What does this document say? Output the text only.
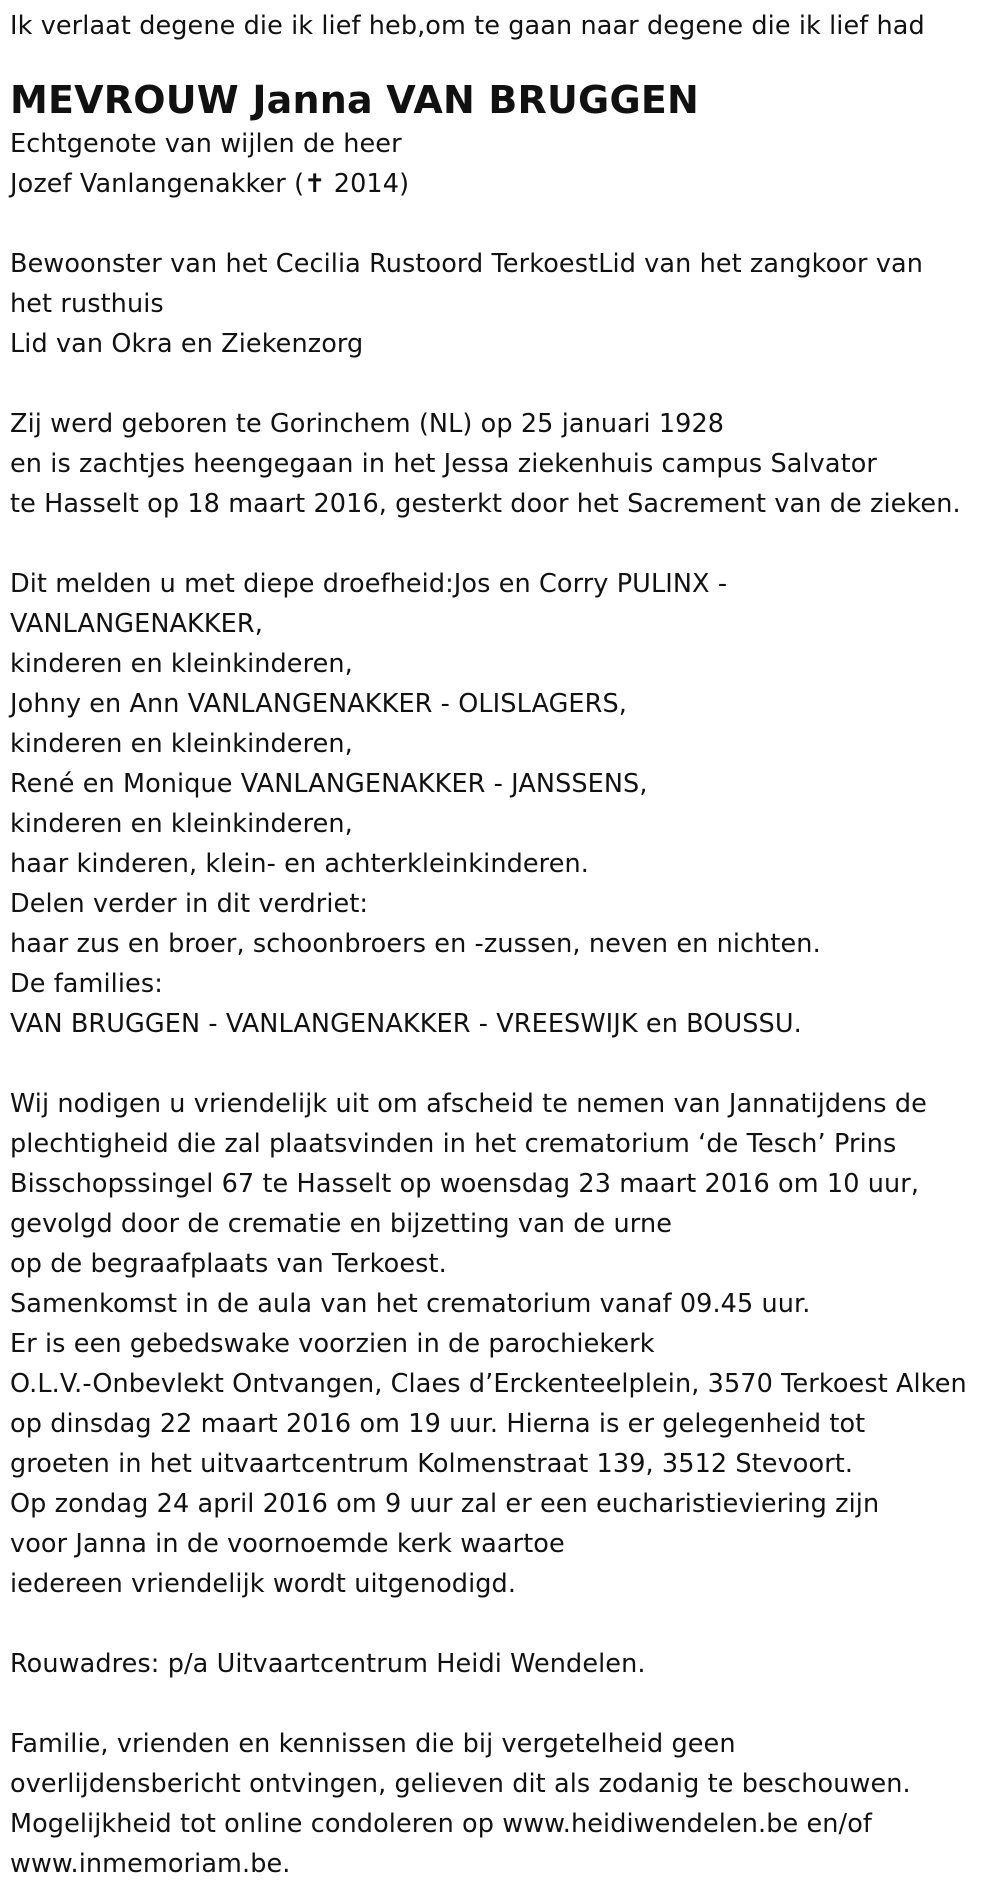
Ik verlaat degene die ik lief heb,om te gaan naar degene die ik lief had
MEVROUW Janna VAN BRUGGEN
Echtgenote van wijlen de heer
Jozef Vanlangenakker (✝ 2014)
Bewoonster van het Cecilia Rustoord TerkoestLid van het zangkoor van
het rusthuis
Lid van Okra en Ziekenzorg
Zij werd geboren te Gorinchem (NL) op 25 januari 1928
en is zachtjes heengegaan in het Jessa ziekenhuis campus Salvator
te Hasselt op 18 maart 2016, gesterkt door het Sacrement van de zieken.
Dit melden u met diepe droefheid:Jos en Corry PULINX -
VANLANGENAKKER,
kinderen en kleinkinderen,
Johny en Ann VANLANGENAKKER - OLISLAGERS,
kinderen en kleinkinderen,
René en Monique VANLANGENAKKER - JANSSENS,
kinderen en kleinkinderen,
haar kinderen, klein- en achterkleinkinderen.
Delen verder in dit verdriet:
haar zus en broer, schoonbroers en -zussen, neven en nichten.
De families:
VAN BRUGGEN - VANLANGENAKKER - VREESWIJK en BOUSSU.
Wij nodigen u vriendelijk uit om afscheid te nemen van Jannatijdens de
plechtigheid die zal plaatsvinden in het crematorium ‘de Tesch’ Prins
Bisschopssingel 67 te Hasselt op woensdag 23 maart 2016 om 10 uur,
gevolgd door de crematie en bijzetting van de urne
op de begraafplaats van Terkoest.
Samenkomst in de aula van het crematorium vanaf 09.45 uur.
Er is een gebedswake voorzien in de parochiekerk
O.L.V.-Onbevlekt Ontvangen, Claes d’Erckenteelplein, 3570 Terkoest Alken
op dinsdag 22 maart 2016 om 19 uur. Hierna is er gelegenheid tot
groeten in het uitvaartcentrum Kolmenstraat 139, 3512 Stevoort.
Op zondag 24 april 2016 om 9 uur zal er een eucharistieviering zijn
voor Janna in de voornoemde kerk waartoe
iedereen vriendelijk wordt uitgenodigd.
Rouwadres: p/a Uitvaartcentrum Heidi Wendelen.
Familie, vrienden en kennissen die bij vergetelheid geen
overlijdensbericht ontvingen, gelieven dit als zodanig te beschouwen.
Mogelijkheid tot online condoleren op www.heidiwendelen.be en/of
www.inmemoriam.be.
